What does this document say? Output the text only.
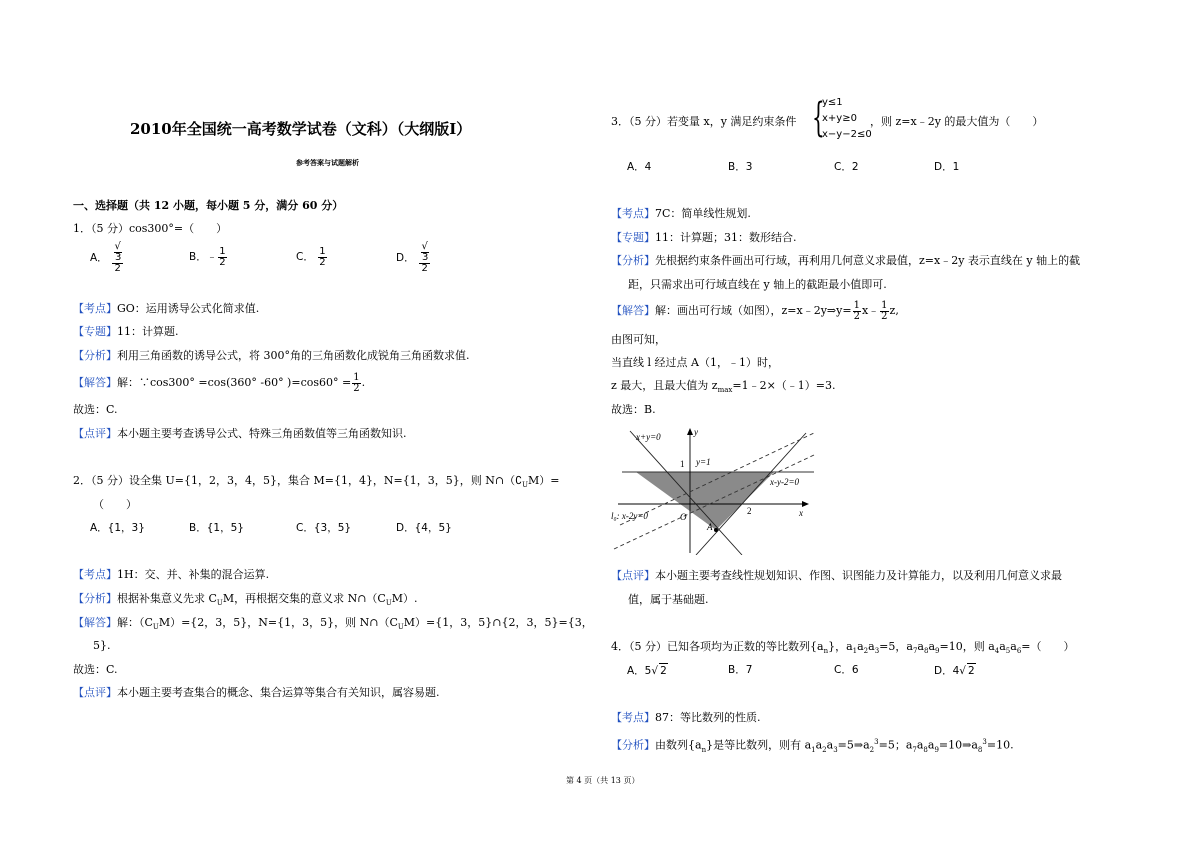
2010年全国统一高考数学试卷（文科）（大纲版Ⅰ）
参考答案与试题解析
一、选择题（共 12 小题，每小题 5 分，满分 60 分）
1．（5 分）cos300°=（　　）
A． √
3
2	B．﹣ $\frac{1}{2}$	C． $\frac{1}{2}$	D． √
3
2
【考点】GO：运用诱导公式化简求值.
【专题】11：计算题.
【分析】利用三角函数的诱导公式，将 300°角的三角函数化成锐角三角函数求值.
【解答】解：∵cos300° =cos(360° -60° )$=\cos 60^\circ = \frac{1}{2}$ .
故选：C.
【点评】本小题主要考查诱导公式、特殊三角函数值等三角函数知识.
2．（5 分）设全集 U={1，2，3，4，5}，集合 M={1，4}，N={1，3，5}，则 $N\cap(∁_UM)=$
（　　）
A．{1，3}	B．{1，5}	C．{3，5}	D．{4，5}
【考点】1H：交、并、补集的混合运算.
【分析】根据补集意义先求 $C_UM$，再根据交集的意义求 $N\cap(C_UM)$.
【解答】解：$(C_UM)=\{2$，3，5}，N={1，3，5}，则 $N\cap(C_UM)=\{1$，3，5}∩{2，3，5}={3，
5}.
故选：C.
【点评】本小题主要考查集合的概念、集合运算等集合有关知识，属容易题.
3．（5 分）若变量 x，y 满足约束条件 {
y≤1
x+y≥0
x−y−2≤0
，则 z=x﹣2y 的最大值为（　　）
A．4	B．3	C．2	D．1
【考点】7C：简单线性规划.
【专题】11：计算题；31：数形结合.
【分析】先根据约束条件画出可行域，再利用几何意义求最值，z=x﹣2y 表示直线在 y 轴上的截
距，只需求出可行域直线在 y 轴上的截距最小值即可.
【解答】解：画出可行域（如图），z=x﹣2y⇒y= $\frac{1}{2}$ x﹣ $\frac{1}{2} z$,
由图可知，
当直线 l 经过点 A（1，﹣1）时，
z 最大，且最大值为 $z_{max}=1﹣2\times(﹣1)=3$.
故选：B.
x+y=0	y
1 y=1
x-y-2=0
l₀: x-2y=0	O
2	x
A
【点评】本小题主要考查线性规划知识、作图、识图能力及计算能力，以及利用几何意义求最
值，属于基础题.
4．（5 分）已知各项均为正数的等比数列$\{a_n\}$，$a_1a_2a_3=5$，$a_7a_8a_9=10$，则 $a_4a_5a_6=$（　　）
A．5√ 2	B．7	C．6	D．4√ 2
【考点】87：等比数列的性质.
【分析】由数列$\{a_n\}$是等比数列，则有 $a_1a_2a_3=5\Rightarrow a_2^3=5$；$a_7a_8a_9=10\Rightarrow a_8^3=10$.
第 4 页（共 13 页）
